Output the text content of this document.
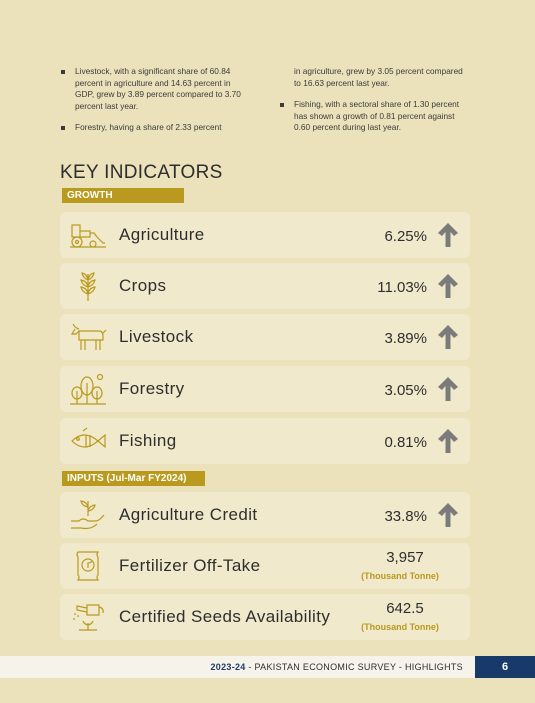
Livestock, with a significant share of 60.84 percent in agriculture and 14.63 percent in GDP, grew by 3.89 percent compared to 3.70 percent last year.
Forestry, having a share of 2.33 percent
in agriculture, grew by 3.05 percent compared to 16.63 percent last year.
Fishing, with a sectoral share of 1.30 percent has shown a growth of 0.81 percent against 0.60 percent during last year.
KEY INDICATORS
GROWTH
Agriculture	6.25%
Crops	11.03%
Livestock	3.89%
Forestry	3.05%
Fishing	0.81%
INPUTS (Jul-Mar FY2024)
Agriculture Credit	33.8%
Fertilizer Off-Take	3,957
(Thousand Tonne)
Certified Seeds Availability	642.5
(Thousand Tonne)
2023-24 - PAKISTAN ECONOMIC SURVEY - HIGHLIGHTS	6
